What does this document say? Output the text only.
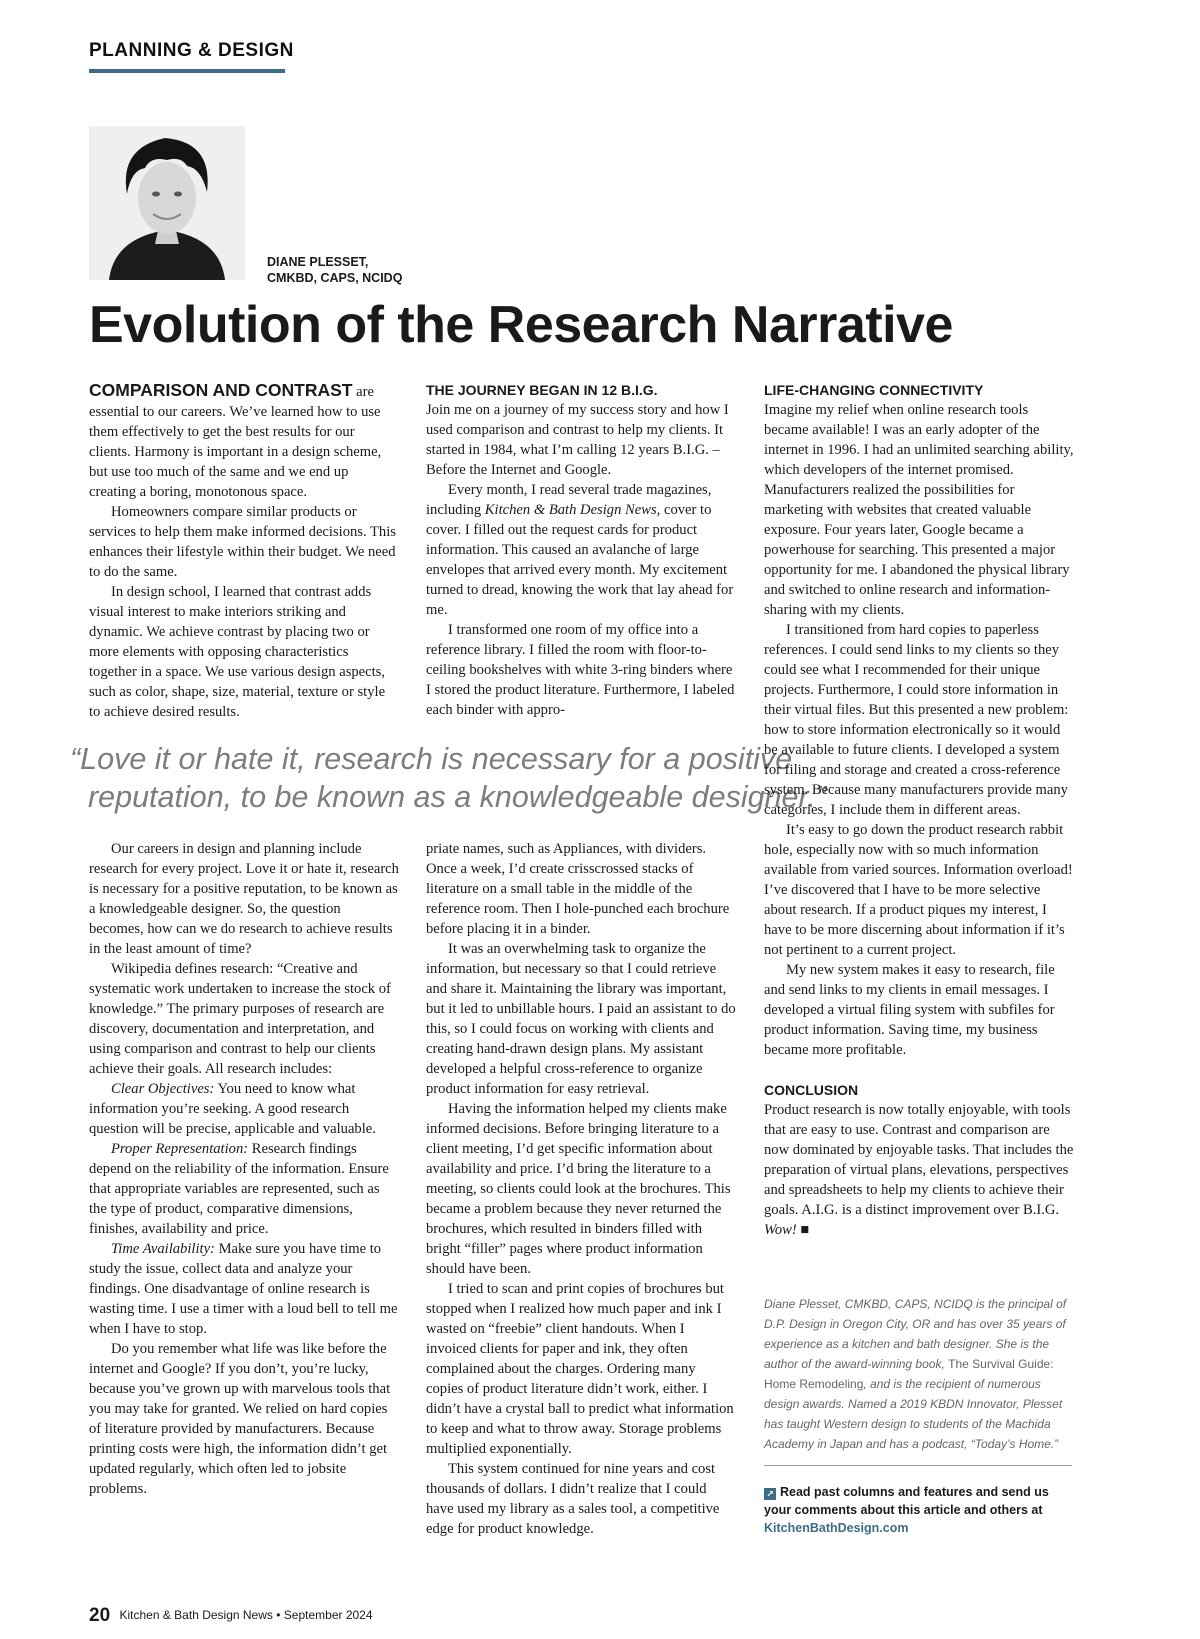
PLANNING & DESIGN
DIANE PLESSET,
CMKBD, CAPS, NCIDQ
Evolution of the Research Narrative

COMPARISON AND CONTRAST are essential to our careers. We’ve learned how to use them effectively to get the best results for our clients. Harmony is important in a design scheme, but use too much of the same and we end up creating a boring, monotonous space.

Homeowners compare similar products or services to help them make informed decisions. This enhances their lifestyle within their budget. We need to do the same.

In design school, I learned that contrast adds visual interest to make interiors striking and dynamic. We achieve contrast by placing two or more elements with opposing characteristics together in a space. We use various design aspects, such as color, shape, size, material, texture or style to achieve desired results.

THE JOURNEY BEGAN IN 12 B.I.G.

Join me on a journey of my success story and how I used comparison and contrast to help my clients. It started in 1984, what I’m calling 12 years B.I.G. – Before the Internet and Google.

Every month, I read several trade magazines, including Kitchen & Bath Design News, cover to cover. I filled out the request cards for product information. This caused an avalanche of large envelopes that arrived every month. My excitement turned to dread, knowing the work that lay ahead for me.

I transformed one room of my office into a reference library. I filled the room with floor-to- ceiling bookshelves with white 3-ring binders where I stored the product literature. Furthermore, I labeled each binder with appro-

“Love it or hate it, research is necessary for a positive
reputation, to be known as a knowledgeable designer.”

Our careers in design and planning include research for every project. Love it or hate it, research is necessary for a positive reputation, to be known as a knowledgeable designer. So, the question becomes, how can we do research to achieve results in the least amount of time?

Wikipedia defines research: “Creative and systematic work undertaken to increase the stock of knowledge.” The primary purposes of research are discovery, documentation and interpretation, and using comparison and contrast to help our clients achieve their goals. All research includes:

Clear Objectives: You need to know what information you’re seeking. A good research question will be precise, applicable and valuable.

Proper Representation: Research findings depend on the reliability of the information. Ensure that appropriate variables are represented, such as the type of product, comparative dimensions, finishes, availability and price.

Time Availability: Make sure you have time to study the issue, collect data and analyze your findings. One disadvantage of online research is wasting time. I use a timer with a loud bell to tell me when I have to stop.

Do you remember what life was like before the internet and Google? If you don’t, you’re lucky, because you’ve grown up with marvelous tools that you may take for granted. We relied on hard copies of literature provided by manufacturers. Because printing costs were high, the information didn’t get updated regularly, which often led to jobsite problems.

priate names, such as Appliances, with dividers. Once a week, I’d create crisscrossed stacks of literature on a small table in the middle of the reference room. Then I hole-punched each brochure before placing it in a binder.

It was an overwhelming task to organize the information, but necessary so that I could retrieve and share it. Maintaining the library was important, but it led to unbillable hours. I paid an assistant to do this, so I could focus on working with clients and creating hand-drawn design plans. My assistant developed a helpful cross-reference to organize product information for easy retrieval.

Having the information helped my clients make informed decisions. Before bringing literature to a client meeting, I’d get specific information about availability and price. I’d bring the literature to a meeting, so clients could look at the brochures. This became a problem because they never returned the brochures, which resulted in binders filled with bright “filler” pages where product information should have been.

I tried to scan and print copies of brochures but stopped when I realized how much paper and ink I wasted on “freebie” client handouts. When I invoiced clients for paper and ink, they often complained about the charges. Ordering many copies of product literature didn’t work, either. I didn’t have a crystal ball to predict what information to keep and what to throw away. Storage problems multiplied exponentially.

This system continued for nine years and cost thousands of dollars. I didn’t realize that I could have used my library as a sales tool, a competitive edge for product knowledge.

LIFE-CHANGING CONNECTIVITY

Imagine my relief when online research tools became available! I was an early adopter of the internet in 1996. I had an unlimited searching ability, which developers of the internet promised. Manufacturers realized the possibilities for marketing with websites that created valuable exposure. Four years later, Google became a powerhouse for searching. This presented a major opportunity for me. I abandoned the physical library and switched to online research and information-sharing with my clients.

I transitioned from hard copies to paperless references. I could send links to my clients so they could see what I recommended for their unique projects. Furthermore, I could store information in their virtual files. But this presented a new problem: how to store information electronically so it would be available to future clients. I developed a system for filing and storage and created a cross-reference system. Because many manufacturers provide many categories, I include them in different areas.

It’s easy to go down the product research rabbit hole, especially now with so much information available from varied sources. Information overload! I’ve discovered that I have to be more selective about research. If a product piques my interest, I have to be more discerning about information if it’s not pertinent to a current project.

My new system makes it easy to research, file and send links to my clients in email messages. I developed a virtual filing system with subfiles for product information. Saving time, my business became more profitable.

CONCLUSION

Product research is now totally enjoyable, with tools that are easy to use. Contrast and comparison are now dominated by enjoyable tasks. That includes the preparation of virtual plans, elevations, perspectives and spreadsheets to help my clients to achieve their goals. A.I.G. is a distinct improvement over B.I.G. Wow! ■

Diane Plesset, CMKBD, CAPS, NCIDQ is the principal of D.P. Design in Oregon City, OR and has over 35 years of experience as a kitchen and bath designer. She is the author of the award-winning book, The Survival Guide: Home Remodeling, and is the recipient of numerous design awards. Named a 2019 KBDN Innovator, Plesset has taught Western design to students of the Machida Academy in Japan and has a podcast, “Today’s Home.”
↗ Read past columns and features and send us your comments about this article and others at KitchenBathDesign.com
20 Kitchen & Bath Design News • September 2024
